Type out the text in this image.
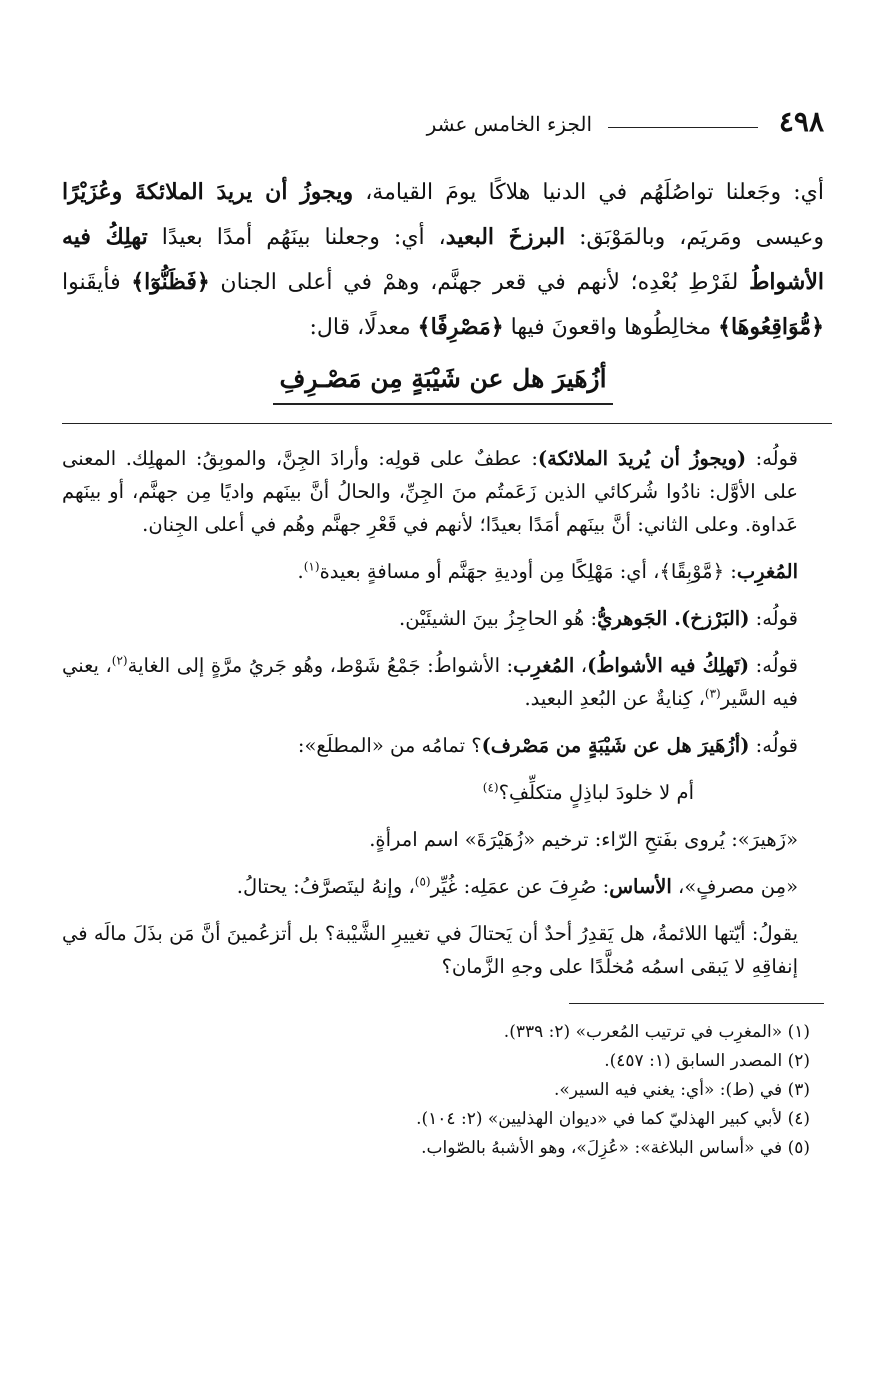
٤٩٨
الجزء الخامس عشر
أي: وجَعلنا تواصُلَهُم في الدنيا هلاكًا يومَ القيامة، ويجوزُ أن يريدَ الملائكةَ وعُزَيْرًا وعيسى ومَريَم، وبالمَوْبَق: البرزخَ البعيد، أي: وجعلنا بينَهُم أمدًا بعيدًا تهلِكُ فيه الأشواطُ لفَرْطِ بُعْدِه؛ لأنهم في قعر جهنَّم، وهمْ في أعلى الجنان ﴿فَظَنُّوٓا﴾ فأيقَنوا ﴿مُّوَاقِعُوهَا﴾ مخالِطُوها واقعونَ فيها ﴿مَصْرِفًا﴾ معدلًا، قال:
أزُهَيرَ هل عن شَيْبَةٍ مِن مَصْـرِفِ

قولُه: (ويجوزُ أن يُريدَ الملائكة): عطفٌ على قولِه: وأرادَ الجِنَّ، والموبِقُ: المهلِك. المعنى على الأوَّل: نادُوا شُركائي الذين زَعَمتُم منَ الجِنِّ، والحالُ أنَّ بينَهم واديًا مِن جهنَّم، أو بينَهم عَداوة. وعلى الثاني: أنَّ بينَهم أمَدًا بعيدًا؛ لأنهم في قَعْرِ جهنَّم وهُم في أعلى الجِنان.

المُغرِب: ﴿مَّوْبِقًا﴾، أي: مَهْلِكًا مِن أوديةِ جهَنَّم أو مسافةٍ بعيدة$^{(١)}$.

قولُه: (البَرْزخ). الجَوهريُّ: هُو الحاجِزُ بينَ الشيئَيْن.

قولُه: (تَهلِكُ فيه الأشواطُ)، المُغرِب: الأشواطُ: جَمْعُ شَوْط، وهُو جَريُ مرَّةٍ إلى الغاية$^{(٢)}$، يعني فيه السَّير$^{(٣)}$، كِنايةٌ عن البُعدِ البعيد.

قولُه: (أزُهَيرَ هل عن شَيْبَةٍ من مَصْرف)؟ تمامُه من «المطلَع»:

أم لا خلودَ لباذِلٍ متكلِّفِ؟$^{(٤)}$

«زَهيرَ»: يُروى بفَتحِ الرّاء: ترخيم «زُهَيْرَةَ» اسم امرأةٍ.

«مِن مصرفٍ»، الأساس: صُرِفَ عن عمَلِه: غُيِّر$^{(٥)}$، وإنهُ ليتَصرَّفُ: يحتالُ.

يقولُ: أيّتها اللائمةُ، هل يَقدِرُ أحدٌ أن يَحتالَ في تغييرِ الشَّيْبة؟ بل أتزعُمينَ أنَّ مَن بذَلَ مالَه في إنفاقِهِ لا يَبقى اسمُه مُخلَّدًا على وجهِ الزَّمان؟

(١) «المغرِب في ترتيب المُعرب» (٢: ٣٣٩).
(٢) المصدر السابق (١: ٤٥٧).
(٣) في (ط): «أي: يغني فيه السير».
(٤) لأبي كبير الهذليّ كما في «ديوان الهذليين» (٢: ١٠٤).
(٥) في «أساس البلاغة»: «عُزِلَ»، وهو الأشبهُ بالصّواب.
